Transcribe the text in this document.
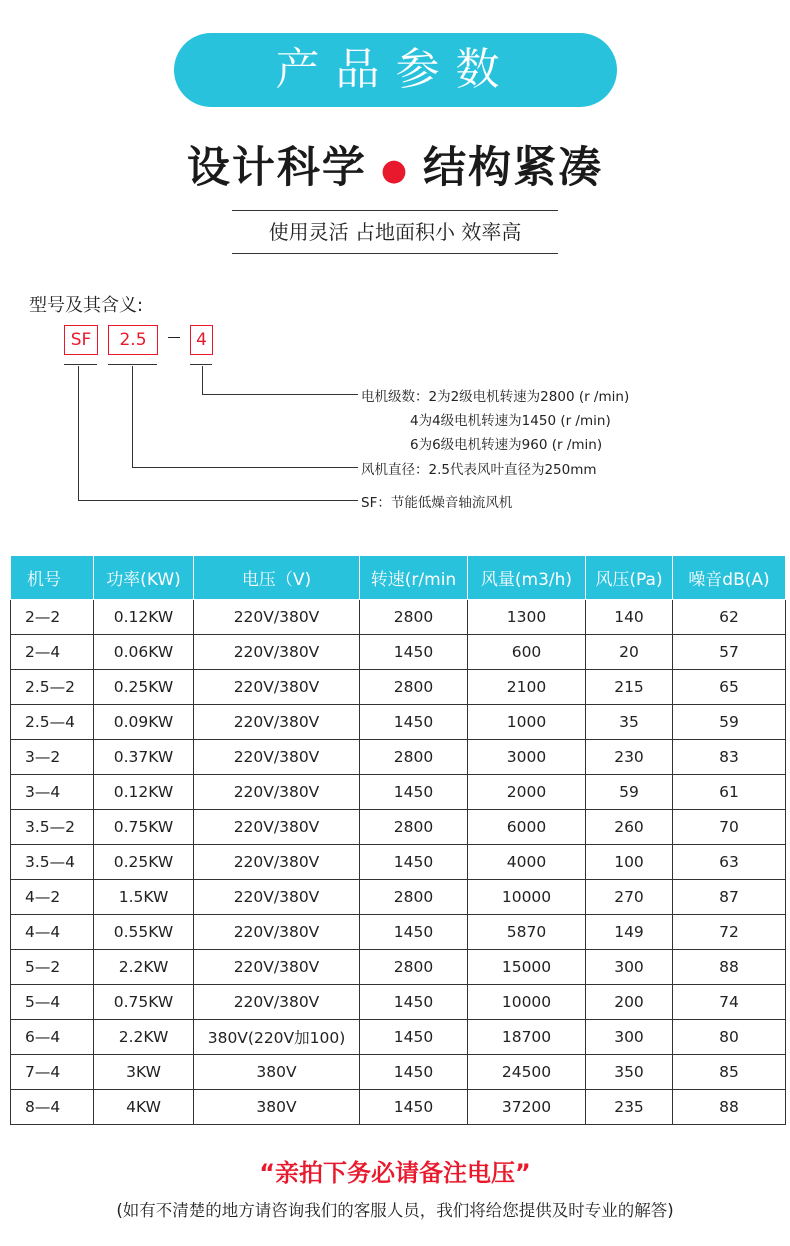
产品参数
设计科学 ● 结构紧凑
使用灵活 占地面积小 效率高
型号及其含义:
SF	2.5	4
电机级数：2为2级电机转速为2800 (r /min)
4为4级电机转速为1450 (r /min)
6为6级电机转速为960 (r /min)
风机直径：2.5代表风叶直径为250mm
SF：节能低燥音轴流风机
机号	功率(KW)	电压（V)	转速(r/min	风量(m3/h)	风压(Pa)	噪音dB(A)
2—2	0.12KW	220V/380V	2800	1300	140	62
2—4	0.06KW	220V/380V	1450	600	20	57
2.5—2	0.25KW	220V/380V	2800	2100	215	65
2.5—4	0.09KW	220V/380V	1450	1000	35	59
3—2	0.37KW	220V/380V	2800	3000	230	83
3—4	0.12KW	220V/380V	1450	2000	59	61
3.5—2	0.75KW	220V/380V	2800	6000	260	70
3.5—4	0.25KW	220V/380V	1450	4000	100	63
4—2	1.5KW	220V/380V	2800	10000	270	87
4—4	0.55KW	220V/380V	1450	5870	149	72
5—2	2.2KW	220V/380V	2800	15000	300	88
5—4	0.75KW	220V/380V	1450	10000	200	74
6—4	2.2KW	380V(220V加100)	1450	18700	300	80
7—4	3KW	380V	1450	24500	350	85
8—4	4KW	380V	1450	37200	235	88
“亲拍下务必请备注电压”
(如有不清楚的地方请咨询我们的客服人员，我们将给您提供及时专业的解答)
